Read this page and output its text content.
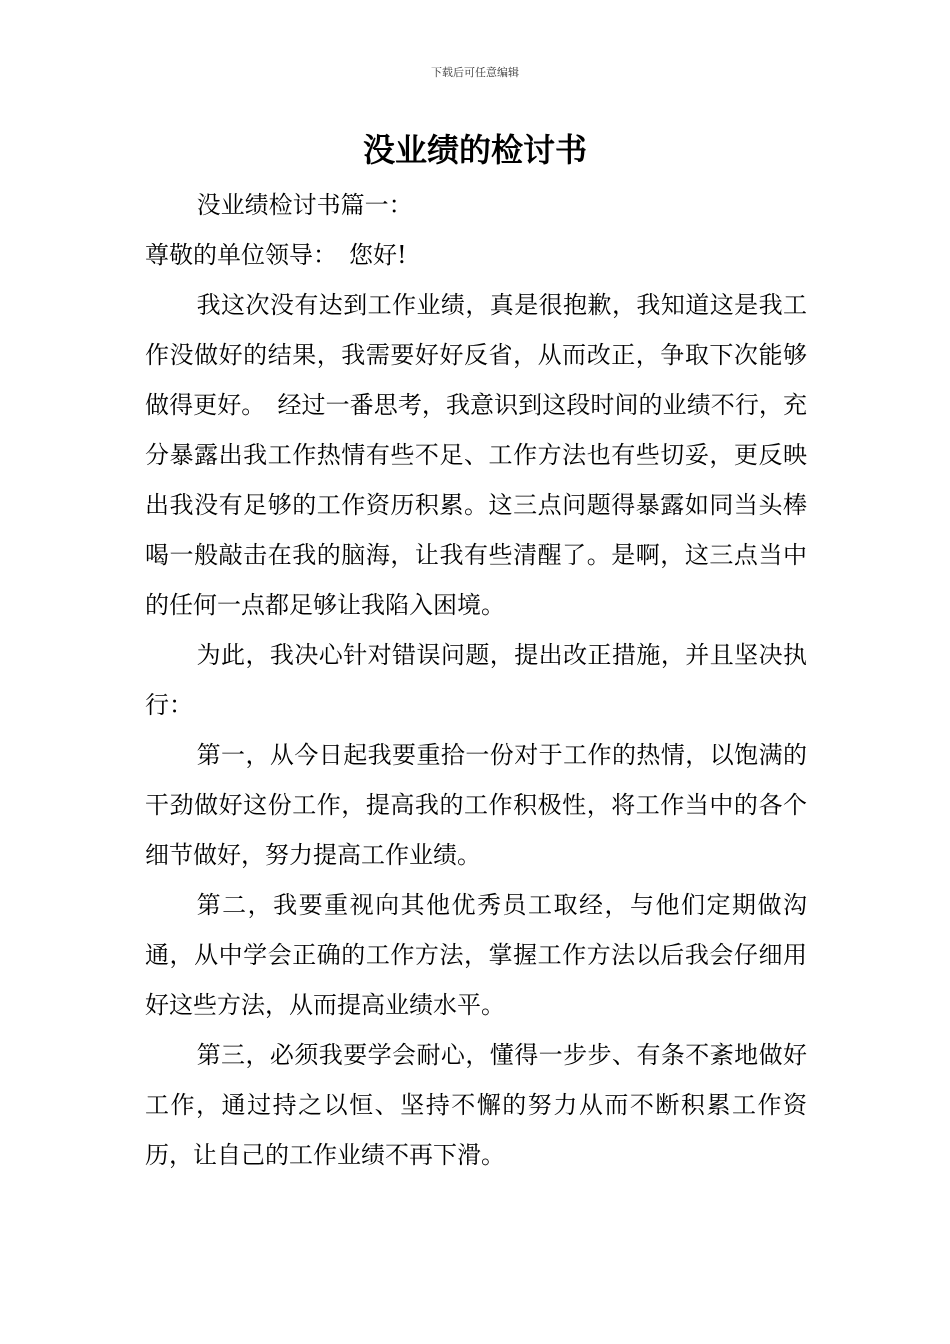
下载后可任意编辑
没业绩的检讨书

没业绩检讨书篇一：

尊敬的单位领导：　您好!

我这次没有达到工作业绩，真是很抱歉，我知道这是我工作没做好的结果，我需要好好反省，从而改正，争取下次能够做得更好。　经过一番思考，我意识到这段时间的业绩不行，充分暴露出我工作热情有些不足、工作方法也有些切妥，更反映出我没有足够的工作资历积累。这三点问题得暴露如同当头棒喝一般敲击在我的脑海，让我有些清醒了。是啊，这三点当中的任何一点都足够让我陷入困境。

为此，我决心针对错误问题，提出改正措施，并且坚决执行：

第一，从今日起我要重拾一份对于工作的热情，以饱满的干劲做好这份工作，提高我的工作积极性，将工作当中的各个细节做好，努力提高工作业绩。

第二，我要重视向其他优秀员工取经，与他们定期做沟通，从中学会正确的工作方法，掌握工作方法以后我会仔细用好这些方法，从而提高业绩水平。

第三，必须我要学会耐心，懂得一步步、有条不紊地做好工作，通过持之以恒、坚持不懈的努力从而不断积累工作资历，让自己的工作业绩不再下滑。
